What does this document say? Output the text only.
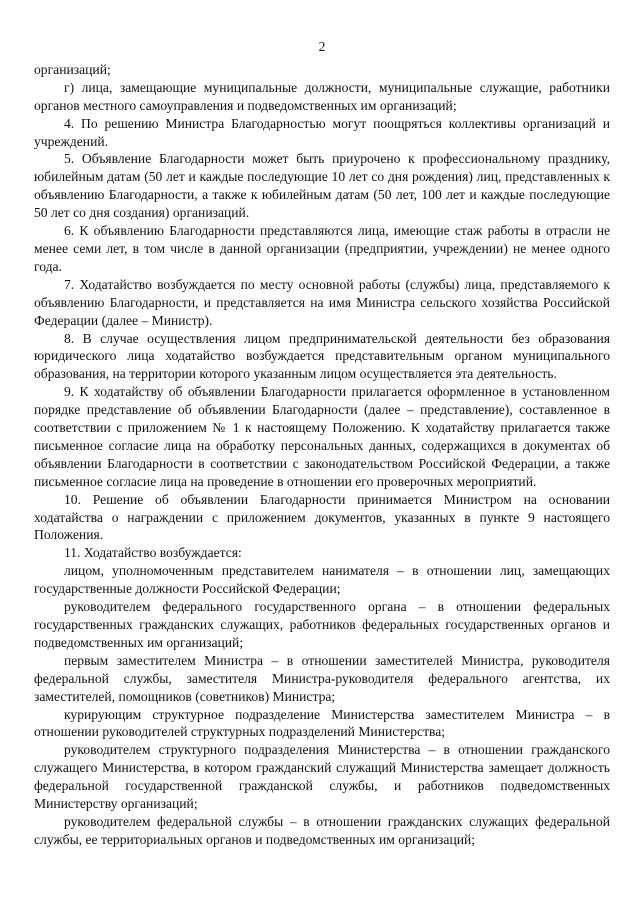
2

организаций;

г) лица, замещающие муниципальные должности, муниципальные служащие, работники органов местного самоуправления и подведомственных им организаций;

4. По решению Министра Благодарностью могут поощряться коллективы организаций и учреждений.

5. Объявление Благодарности может быть приурочено к профессиональному празднику, юбилейным датам (50 лет и каждые последующие 10 лет со дня рождения) лиц, представленных к объявлению Благодарности, а также к юбилейным датам (50 лет, 100 лет и каждые последующие 50 лет со дня создания) организаций.

6. К объявлению Благодарности представляются лица, имеющие стаж работы в отрасли не менее семи лет, в том числе в данной организации (предприятии, учреждении) не менее одного года.

7. Ходатайство возбуждается по месту основной работы (службы) лица, представляемого к объявлению Благодарности, и представляется на имя Министра сельского хозяйства Российской Федерации (далее – Министр).

8. В случае осуществления лицом предпринимательской деятельности без образования юридического лица ходатайство возбуждается представительным органом муниципального образования, на территории которого указанным лицом осуществляется эта деятельность.

9. К ходатайству об объявлении Благодарности прилагается оформленное в установленном порядке представление об объявлении Благодарности (далее – представление), составленное в соответствии с приложением № 1 к настоящему Положению. К ходатайству прилагается также письменное согласие лица на обработку персональных данных, содержащихся в документах об объявлении Благодарности в соответствии с законодательством Российской Федерации, а также письменное согласие лица на проведение в отношении его проверочных мероприятий.

10. Решение об объявлении Благодарности принимается Министром на основании ходатайства о награждении с приложением документов, указанных в пункте 9 настоящего Положения.

11. Ходатайство возбуждается:

лицом, уполномоченным представителем нанимателя – в отношении лиц, замещающих государственные должности Российской Федерации;

руководителем федерального государственного органа – в отношении федеральных государственных гражданских служащих, работников федеральных государственных органов и подведомственных им организаций;

первым заместителем Министра – в отношении заместителей Министра, руководителя федеральной службы, заместителя Министра-руководителя федерального агентства, их заместителей, помощников (советников) Министра;

курирующим структурное подразделение Министерства заместителем Министра – в отношении руководителей структурных подразделений Министерства;

руководителем структурного подразделения Министерства – в отношении гражданского служащего Министерства, в котором гражданский служащий Министерства замещает должность федеральной государственной гражданской службы, и работников подведомственных Министерству организаций;

руководителем федеральной службы – в отношении гражданских служащих федеральной службы, ее территориальных органов и подведомственных им организаций;
